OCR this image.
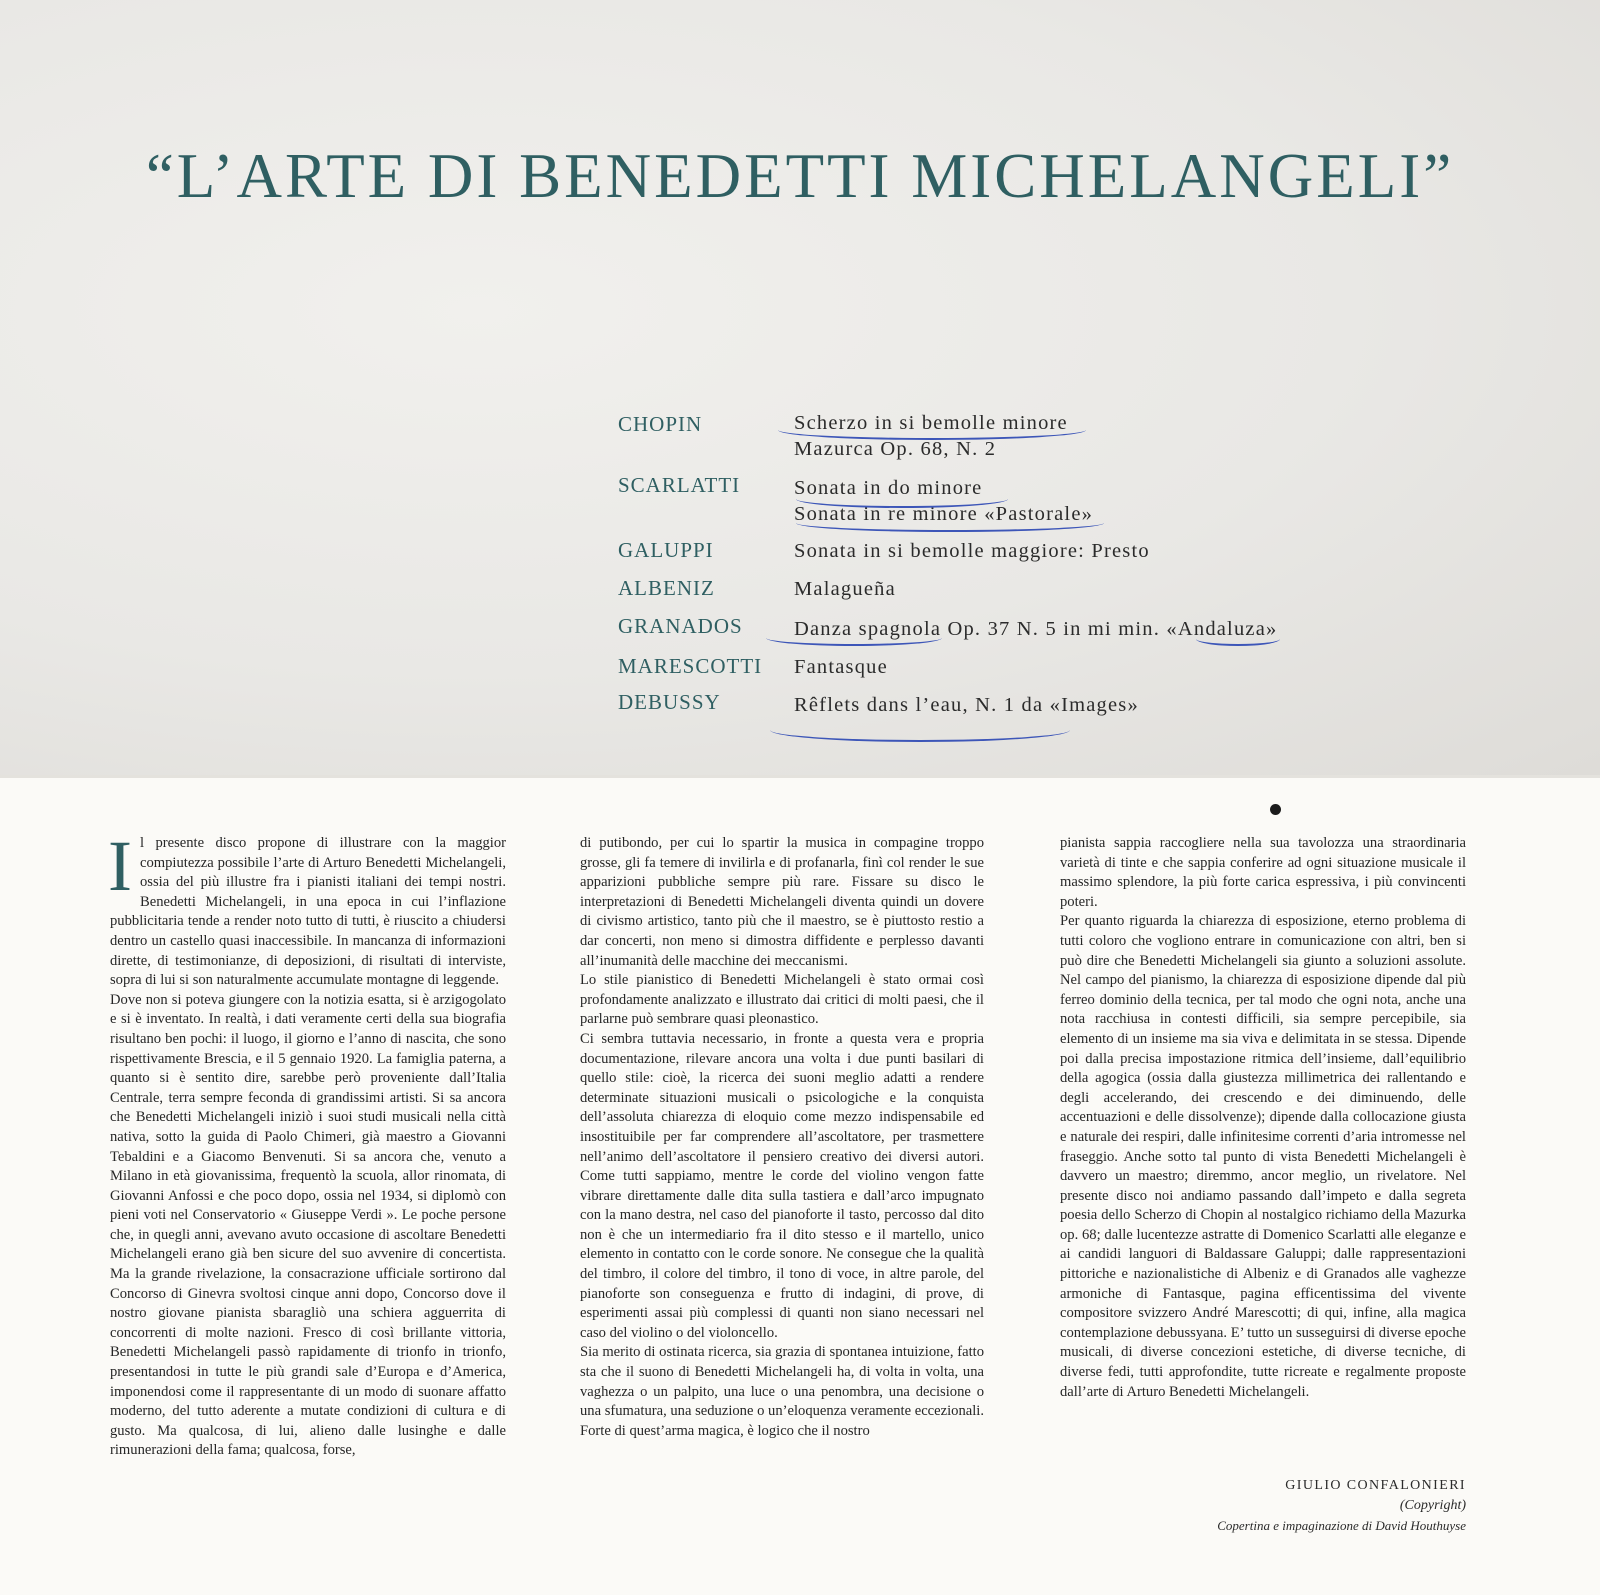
“L’ARTE DI BENEDETTI MICHELANGELI”
CHOPIN	Scherzo in si bemolle minore
Mazurca Op. 68, N. 2
SCARLATTI	Sonata in do minore
Sonata in re minore «Pastorale»
GALUPPI	Sonata in si bemolle maggiore: Presto
ALBENIZ	Malagueña
GRANADOS	Danza spagnola Op. 37 N. 5 in mi min. «Andaluza»
MARESCOTTI Fantasque
DEBUSSY	Rêflets dans l’eau, N. 1 da «Images»
I l presente disco propone di illustrare con la maggior compiutezza possibile l’arte di Arturo Benedetti Michelangeli, ossia del più illustre fra i pianisti italiani dei tempi nostri. Benedetti Michelangeli, in una epoca in cui l’inflazione pubblicitaria tende a render noto tutto di tutti, è riuscito a chiudersi dentro un castello quasi inaccessibile. In mancanza di informazioni dirette, di testimonianze, di deposizioni, di risultati di interviste, sopra di lui si son naturalmente accumulate montagne di leggende.

Dove non si poteva giungere con la notizia esatta, si è arzigogolato e si è inventato. In realtà, i dati veramente certi della sua biografia risultano ben pochi: il luogo, il giorno e l’anno di nascita, che sono rispettivamente Brescia, e il 5 gennaio 1920. La famiglia paterna, a quanto si è sentito dire, sarebbe però proveniente dall’Italia Centrale, terra sempre feconda di grandissimi artisti. Si sa ancora che Benedetti Michelangeli iniziò i suoi studi musicali nella città nativa, sotto la guida di Paolo Chimeri, già maestro a Giovanni Tebaldini e a Giacomo Benvenuti. Si sa ancora che, venuto a Milano in età giovanissima, frequentò la scuola, allor rinomata, di Giovanni Anfossi e che poco dopo, ossia nel 1934, si diplomò con pieni voti nel Conservatorio « Giuseppe Verdi ». Le poche persone che, in quegli anni, avevano avuto occasione di ascoltare Benedetti Michelangeli erano già ben sicure del suo avvenire di concertista. Ma la grande rivelazione, la consacrazione ufficiale sortirono dal Concorso di Ginevra svoltosi cinque anni dopo, Concorso dove il nostro giovane pianista sbaragliò una schiera agguerrita di concorrenti di molte nazioni. Fresco di così brillante vittoria, Benedetti Michelangeli passò rapidamente di trionfo in trionfo, presentandosi in tutte le più grandi sale d’Europa e d’America, imponendosi come il rappresentante di un modo di suonare affatto moderno, del tutto aderente a mutate condizioni di cultura e di gusto. Ma qualcosa, di lui, alieno dalle lusinghe e dalle rimunerazioni della fama; qualcosa, forse,

di putibondo, per cui lo spartir la musica in compagine troppo grosse, gli fa temere di invilirla e di profanarla, finì col render le sue apparizioni pubbliche sempre più rare. Fissare su disco le interpretazioni di Benedetti Michelangeli diventa quindi un dovere di civismo artistico, tanto più che il maestro, se è piuttosto restio a dar concerti, non meno si dimostra diffidente e perplesso davanti all’inumanità delle macchine dei meccanismi.

Lo stile pianistico di Benedetti Michelangeli è stato ormai così profondamente analizzato e illustrato dai critici di molti paesi, che il parlarne può sembrare quasi pleonastico.

Ci sembra tuttavia necessario, in fronte a questa vera e propria documentazione, rilevare ancora una volta i due punti basilari di quello stile: cioè, la ricerca dei suoni meglio adatti a rendere determinate situazioni musicali o psicologiche e la conquista dell’assoluta chiarezza di eloquio come mezzo indispensabile ed insostituibile per far comprendere all’ascoltatore, per trasmettere nell’animo dell’ascoltatore il pensiero creativo dei diversi autori. Come tutti sappiamo, mentre le corde del violino vengon fatte vibrare direttamente dalle dita sulla tastiera e dall’arco impugnato con la mano destra, nel caso del pianoforte il tasto, percosso dal dito non è che un intermediario fra il dito stesso e il martello, unico elemento in contatto con le corde sonore. Ne consegue che la qualità del timbro, il colore del timbro, il tono di voce, in altre parole, del pianoforte son conseguenza e frutto di indagini, di prove, di esperimenti assai più complessi di quanti non siano necessari nel caso del violino o del violoncello.

Sia merito di ostinata ricerca, sia grazia di spontanea intuizione, fatto sta che il suono di Benedetti Michelangeli ha, di volta in volta, una vaghezza o un palpito, una luce o una penombra, una decisione o una sfumatura, una seduzione o un’eloquenza veramente eccezionali. Forte di quest’arma magica, è logico che il nostro

pianista sappia raccogliere nella sua tavolozza una straordinaria varietà di tinte e che sappia conferire ad ogni situazione musicale il massimo splendore, la più forte carica espressiva, i più convincenti poteri.

Per quanto riguarda la chiarezza di esposizione, eterno problema di tutti coloro che vogliono entrare in comunicazione con altri, ben si può dire che Benedetti Michelangeli sia giunto a soluzioni assolute. Nel campo del pianismo, la chiarezza di esposizione dipende dal più ferreo dominio della tecnica, per tal modo che ogni nota, anche una nota racchiusa in contesti difficili, sia sempre percepibile, sia elemento di un insieme ma sia viva e delimitata in se stessa. Dipende poi dalla precisa impostazione ritmica dell’insieme, dall’equilibrio della agogica (ossia dalla giustezza millimetrica dei rallentando e degli accelerando, dei crescendo e dei diminuendo, delle accentuazioni e delle dissolvenze); dipende dalla collocazione giusta e naturale dei respiri, dalle infinitesime correnti d’aria intromesse nel fraseggio. Anche sotto tal punto di vista Benedetti Michelangeli è davvero un maestro; diremmo, ancor meglio, un rivelatore. Nel presente disco noi andiamo passando dall’impeto e dalla segreta poesia dello Scherzo di Chopin al nostalgico richiamo della Mazurka op. 68; dalle lucentezze astratte di Domenico Scarlatti alle eleganze e ai candidi languori di Baldassare Galuppi; dalle rappresentazioni pittoriche e nazionalistiche di Albeniz e di Granados alle vaghezze armoniche di Fantasque, pagina efficentissima del vivente compositore svizzero André Marescotti; di qui, infine, alla magica contemplazione debussyana. E’ tutto un susseguirsi di diverse epoche musicali, di diverse concezioni estetiche, di diverse tecniche, di diverse fedi, tutti approfondite, tutte ricreate e regalmente proposte dall’arte di Arturo Benedetti Michelangeli.

GIULIO CONFALONIERI
(Copyright)
Copertina e impaginazione di David Houthuyse
